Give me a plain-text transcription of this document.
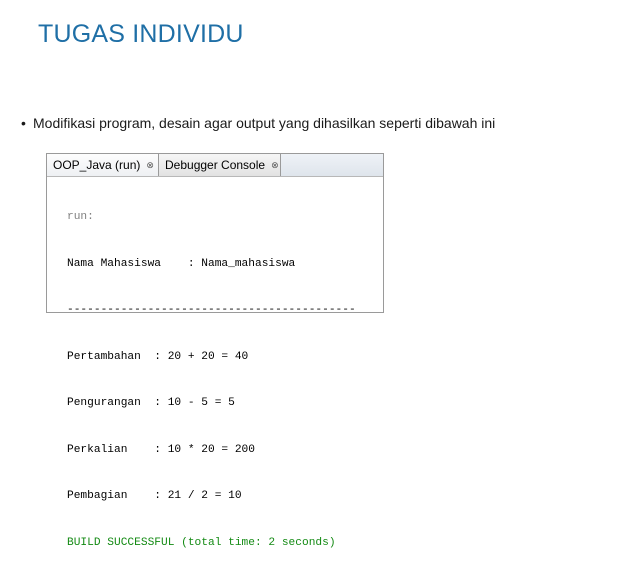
TUGAS INDIVIDU
• Modifikasi program, desain agar output yang dihasilkan seperti dibawah ini
OOP_Java (run) ⊗ Debugger Console ⊗

run:

Nama Mahasiswa    : Nama_mahasiswa

-------------------------------------------

Pertambahan  : 20 + 20 = 40

Pengurangan  : 10 - 5 = 5

Perkalian    : 10 * 20 = 200

Pembagian    : 21 / 2 = 10

BUILD SUCCESSFUL (total time: 2 seconds)
